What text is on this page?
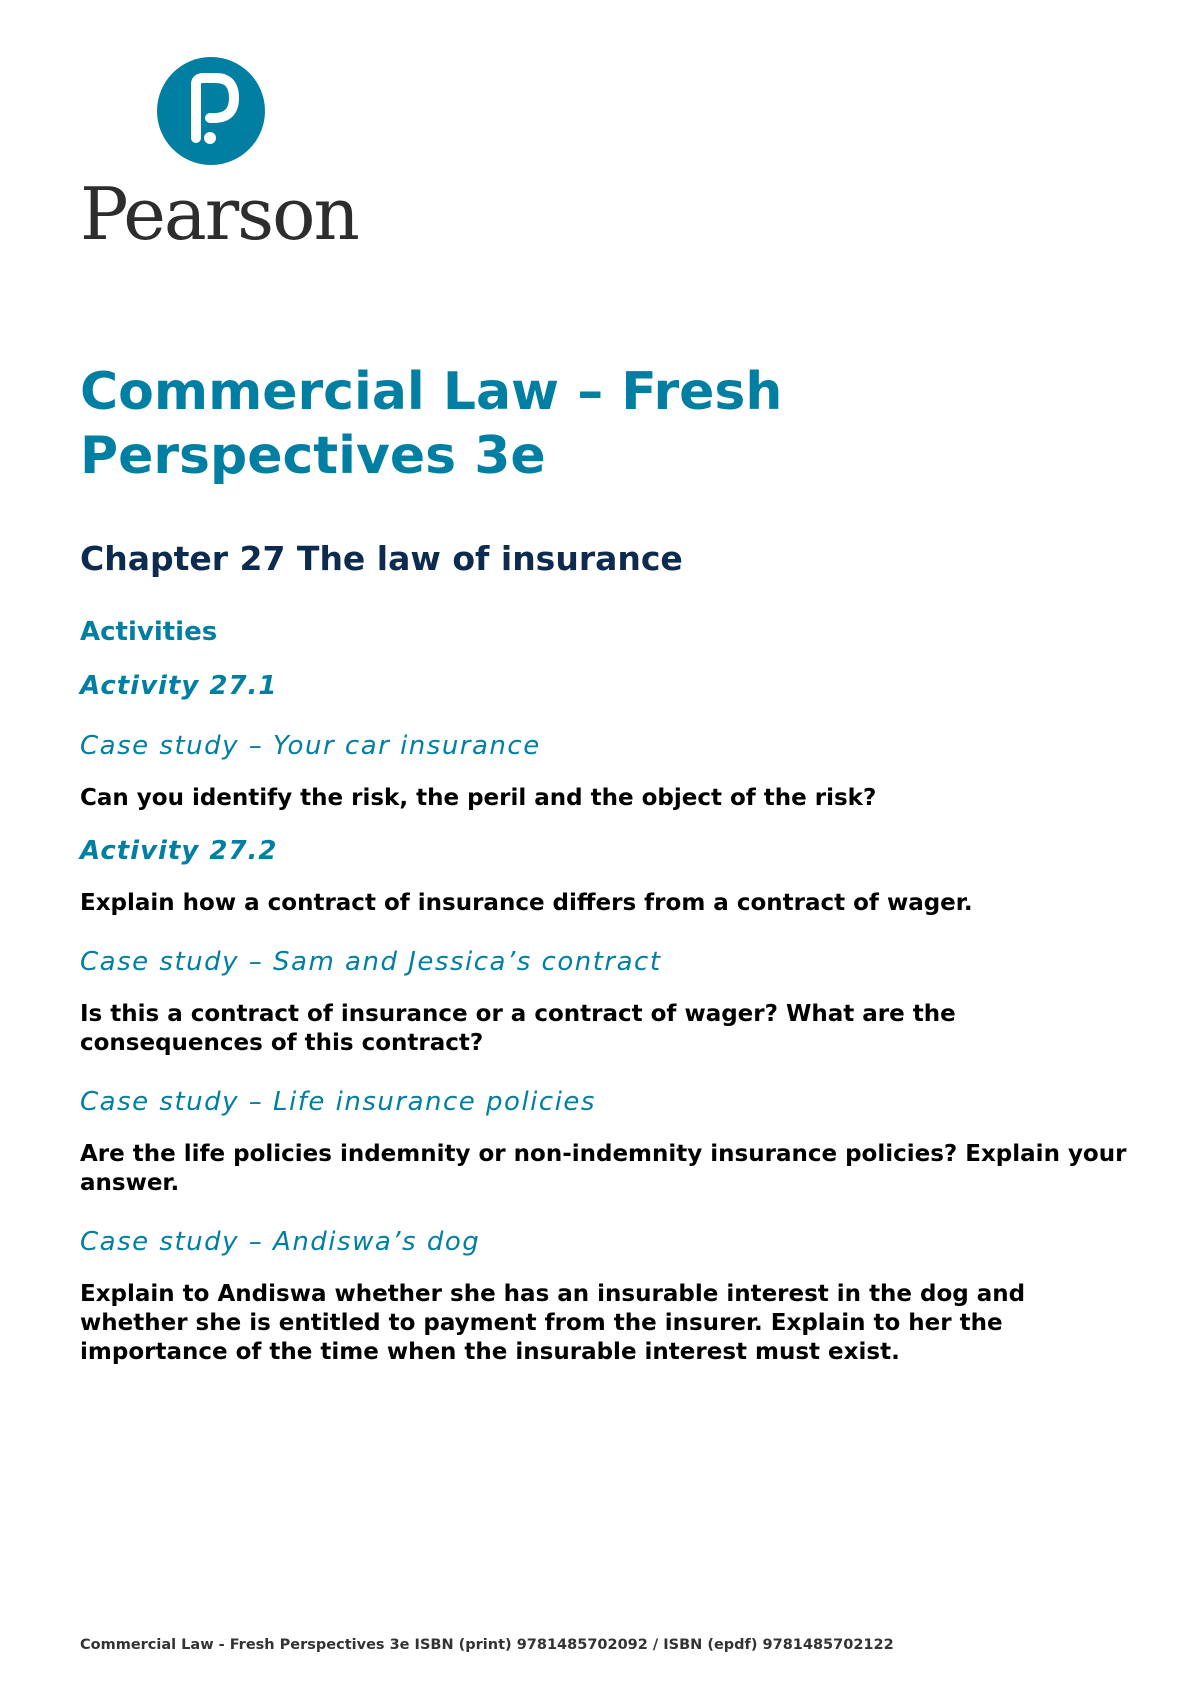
Pearson
Commercial Law – Fresh Perspectives 3e
Chapter 27 The law of insurance
Activities
Activity 27.1
Case study – Your car insurance
Can you identify the risk, the peril and the object of the risk?
Activity 27.2
Explain how a contract of insurance differs from a contract of wager.
Case study – Sam and Jessica’s contract
Is this a contract of insurance or a contract of wager? What are the consequences of this contract?
Case study – Life insurance policies
Are the life policies indemnity or non-indemnity insurance policies? Explain your answer.
Case study – Andiswa’s dog
Explain to Andiswa whether she has an insurable interest in the dog and whether she is entitled to payment from the insurer. Explain to her the importance of the time when the insurable interest must exist.
Commercial Law - Fresh Perspectives 3e ISBN (print) 9781485702092 / ISBN (epdf) 9781485702122
